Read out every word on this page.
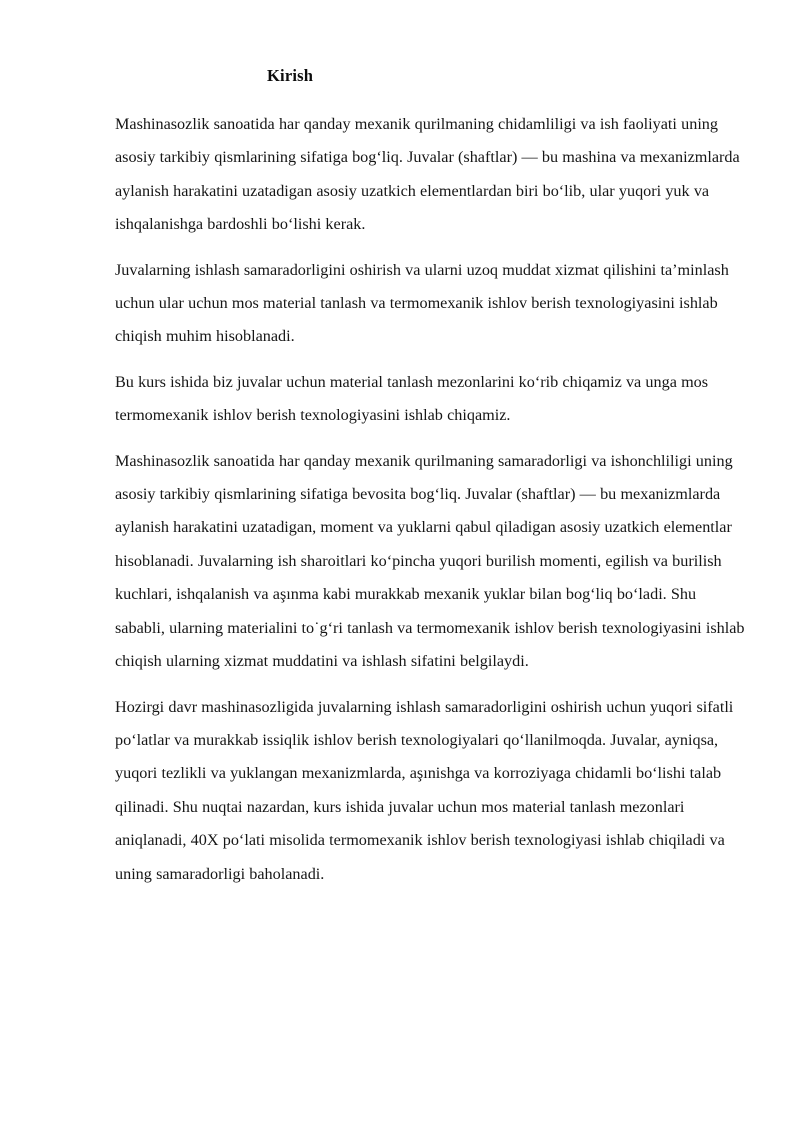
Kirish

Mashinasozlik sanoatida har qanday mexanik qurilmaning chidamliligi va ish faoliyati uning asosiy tarkibiy qismlarining sifatiga bogʻliq. Juvalar (shaftlar) — bu mashina va mexanizmlarda aylanish harakatini uzatadigan asosiy uzatkich elementlardan biri boʻlib, ular yuqori yuk va ishqalanishga bardoshli boʻlishi kerak.

Juvalarning ishlash samaradorligini oshirish va ularni uzoq muddat xizmat qilishini ta’minlash uchun ular uchun mos material tanlash va termomexanik ishlov berish texnologiyasini ishlab chiqish muhim hisoblanadi.

Bu kurs ishida biz juvalar uchun material tanlash mezonlarini koʻrib chiqamiz va unga mos termomexanik ishlov berish texnologiyasini ishlab chiqamiz.

Mashinasozlik sanoatida har qanday mexanik qurilmaning samaradorligi va ishonchliligi uning asosiy tarkibiy qismlarining sifatiga bevosita bogʻliq. Juvalar (shaftlar) — bu mexanizmlarda aylanish harakatini uzatadigan, moment va yuklarni qabul qiladigan asosiy uzatkich elementlar hisoblanadi. Juvalarning ish sharoitlari koʻpincha yuqori burilish momenti, egilish va burilish kuchlari, ishqalanish va aşınma kabi murakkab mexanik yuklar bilan bogʻliq boʻladi. Shu sababli, ularning materialini to˙gʻri tanlash va termomexanik ishlov berish texnologiyasini ishlab chiqish ularning xizmat muddatini va ishlash sifatini belgilaydi.

Hozirgi davr mashinasozligida juvalarning ishlash samaradorligini oshirish uchun yuqori sifatli poʻlatlar va murakkab issiqlik ishlov berish texnologiyalari qoʻllanilmoqda. Juvalar, ayniqsa, yuqori tezlikli va yuklangan mexanizmlarda, aşınishga va korroziyaga chidamli boʻlishi talab qilinadi. Shu nuqtai nazardan, kurs ishida juvalar uchun mos material tanlash mezonlari aniqlanadi, 40X poʻlati misolida termomexanik ishlov berish texnologiyasi ishlab chiqiladi va uning samaradorligi baholanadi.
